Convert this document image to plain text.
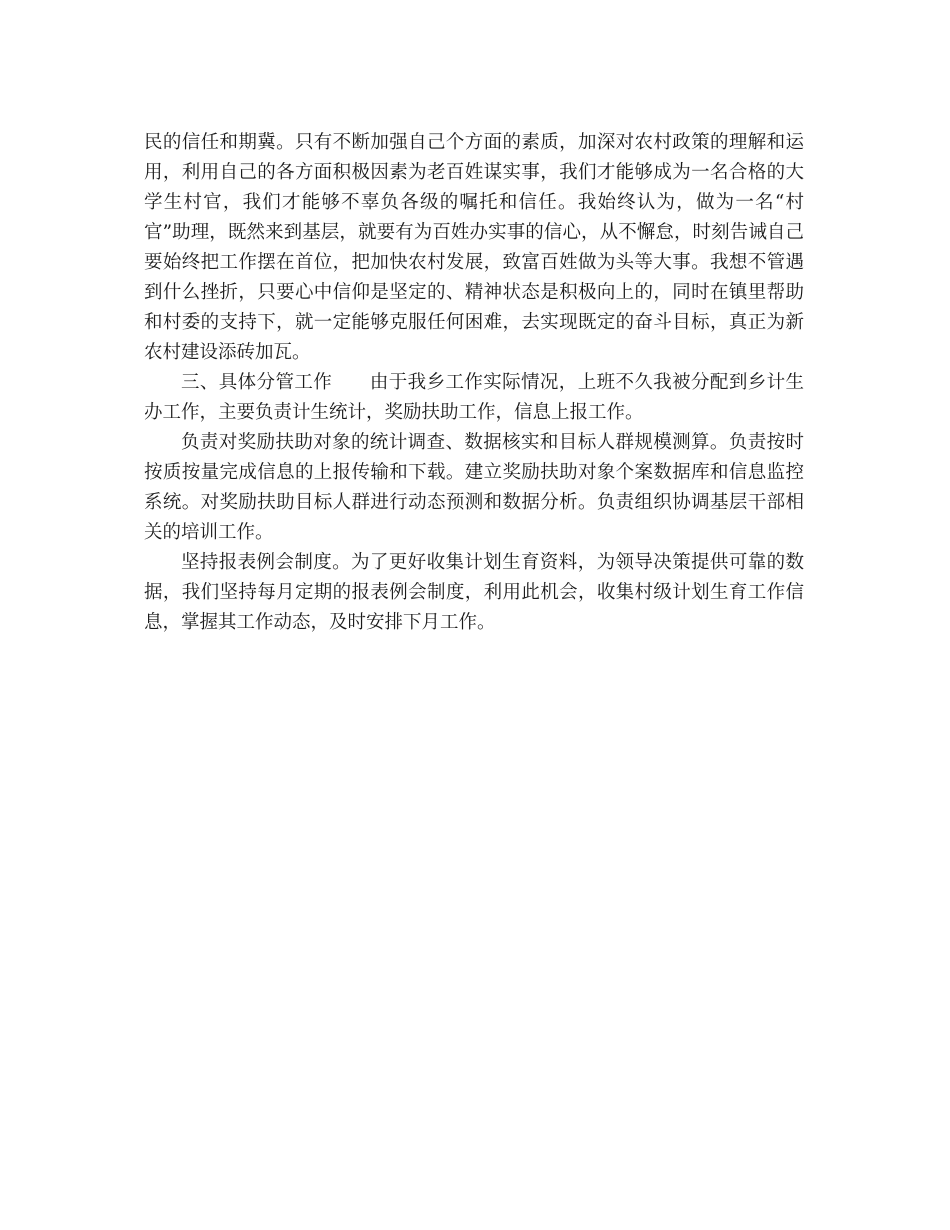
民的信任和期冀。只有不断加强自己个方面的素质，加深对农村政策的理解和运用，利用自己的各方面积极因素为老百姓谋实事，我们才能够成为一名合格的大学生村官，我们才能够不辜负各级的嘱托和信任。我始终认为，做为一名“村官”助理，既然来到基层，就要有为百姓办实事的信心，从不懈怠，时刻告诫自己要始终把工作摆在首位，把加快农村发展，致富百姓做为头等大事。我想不管遇到什么挫折，只要心中信仰是坚定的、精神状态是积极向上的，同时在镇里帮助和村委的支持下，就一定能够克服任何困难，去实现既定的奋斗目标，真正为新农村建设添砖加瓦。

三、具体分管工作　　由于我乡工作实际情况，上班不久我被分配到乡计生办工作，主要负责计生统计，奖励扶助工作，信息上报工作。

负责对奖励扶助对象的统计调查、数据核实和目标人群规模测算。负责按时按质按量完成信息的上报传输和下载。建立奖励扶助对象个案数据库和信息监控系统。对奖励扶助目标人群进行动态预测和数据分析。负责组织协调基层干部相关的培训工作。

坚持报表例会制度。为了更好收集计划生育资料，为领导决策提供可靠的数据，我们坚持每月定期的报表例会制度，利用此机会，收集村级计划生育工作信息，掌握其工作动态，及时安排下月工作。
